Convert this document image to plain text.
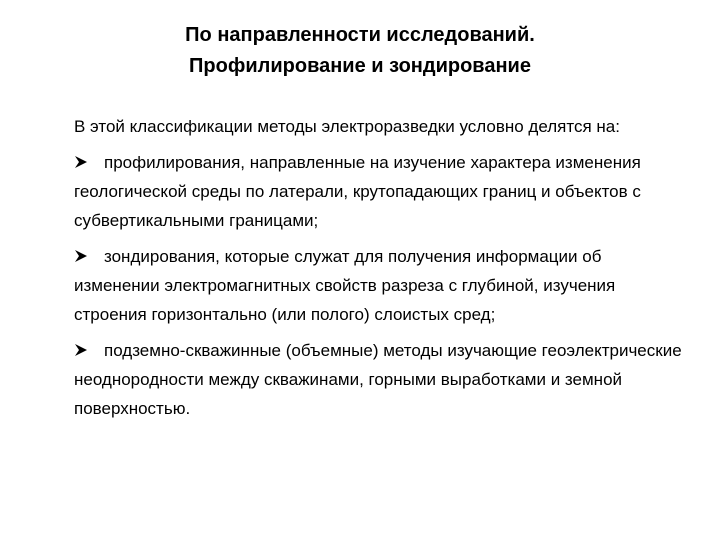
По направленности исследований.
Профилирование и зондирование

В этой классификации методы электроразведки условно делятся на:

профилирования, направленные на изучение характера изменения геологической среды по латерали, крутопадающих границ и объектов с субвертикальными границами;

зондирования, которые служат для получения информации об изменении электромагнитных свойств разреза с глубиной, изучения строения горизонтально (или полого) слоистых сред;

подземно-скважинные (объемные) методы изучающие геоэлектрические неоднородности между скважинами, горными выработками и земной поверхностью.
